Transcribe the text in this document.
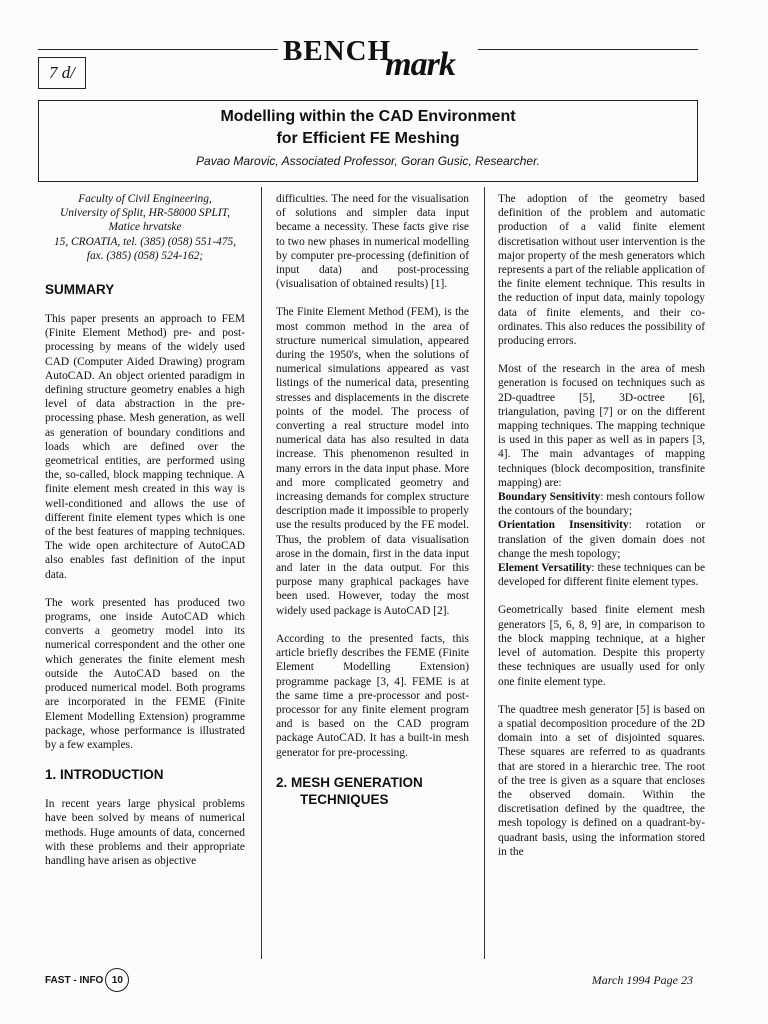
7 d/
BENCH
mark
Modelling within the CAD Environment
for Efficient FE Meshing
Pavao Marovic, Associated Professor, Goran Gusic, Researcher.
Faculty of Civil Engineering,
University of Split, HR-58000 SPLIT,
Matice hrvatske
15, CROATIA, tel. (385) (058) 551-475, fax. (385) (058) 524-162;
SUMMARY

This paper presents an approach to FEM (Finite Element Method) pre- and post- processing by means of the widely used CAD (Computer Aided Drawing) program AutoCAD. An object oriented paradigm in defining structure geometry enables a high level of data abstraction in the pre-processing phase. Mesh generation, as well as generation of boundary conditions and loads which are defined over the geometrical entities, are performed using the, so-called, block mapping technique. A finite element mesh created in this way is well-conditioned and allows the use of different finite element types which is one of the best features of mapping techniques. The wide open architecture of AutoCAD also enables fast definition of the input data.

The work presented has produced two programs, one inside AutoCAD which converts a geometry model into its numerical correspondent and the other one which generates the finite element mesh outside the AutoCAD based on the produced numerical model. Both programs are incorporated in the FEME (Finite Element Modelling Extension) programme package, whose performance is illustrated by a few examples.

1. INTRODUCTION

In recent years large physical problems have been solved by means of numerical methods. Huge amounts of data, concerned with these problems and their appropriate handling have arisen as objective

difficulties. The need for the visualisation of solutions and simpler data input became a necessity. These facts give rise to two new phases in numerical modelling by computer pre-processing (definition of input data) and post-processing (visualisation of obtained results) [1].

The Finite Element Method (FEM), is the most common method in the area of structure numerical simulation, appeared during the 1950's, when the solutions of numerical simulations appeared as vast listings of the numerical data, presenting stresses and displacements in the discrete points of the model. The process of converting a real structure model into numerical data has also resulted in data increase. This phenomenon resulted in many errors in the data input phase. More and more complicated geometry and increasing demands for complex structure description made it impossible to properly use the results produced by the FE model. Thus, the problem of data visualisation arose in the domain, first in the data input and later in the data output. For this purpose many graphical packages have been used. However, today the most widely used package is AutoCAD [2].

According to the presented facts, this article briefly describes the FEME (Finite Element Modelling Extension) programme package [3, 4]. FEME is at the same time a pre-processor and post-processor for any finite element program and is based on the CAD program package AutoCAD. It has a built-in mesh generator for pre-processing.

2. MESH GENERATION
TECHNIQUES

The adoption of the geometry based definition of the problem and automatic production of a valid finite element discretisation without user intervention is the major property of the mesh generators which represents a part of the reliable application of the finite element technique. This results in the reduction of input data, mainly topology data of finite elements, and their co-ordinates. This also reduces the possibility of producing errors.

Most of the research in the area of mesh generation is focused on techniques such as 2D-quadtree [5], 3D-octree [6], triangulation, paving [7] or on the different mapping techniques. The mapping technique is used in this paper as well as in papers [3, 4]. The main advantages of mapping techniques (block decomposition, transfinite mapping) are:

Boundary Sensitivity: mesh contours follow the contours of the boundary;
Orientation Insensitivity: rotation or translation of the given domain does not change the mesh topology;

Element Versatility: these techniques can be developed for different finite element types.

Geometrically based finite element mesh generators [5, 6, 8, 9] are, in comparison to the block mapping technique, at a higher level of automation. Despite this property these techniques are usually used for only one finite element type.

The quadtree mesh generator [5] is based on a spatial decomposition procedure of the 2D domain into a set of disjointed squares. These squares are referred to as quadrants that are stored in a hierarchic tree. The root of the tree is given as a square that encloses the observed domain. Within the discretisation defined by the quadtree, the mesh topology is defined on a quadrant-by-quadrant basis, using the information stored in the

FAST - INFO 10	March 1994 Page 23
